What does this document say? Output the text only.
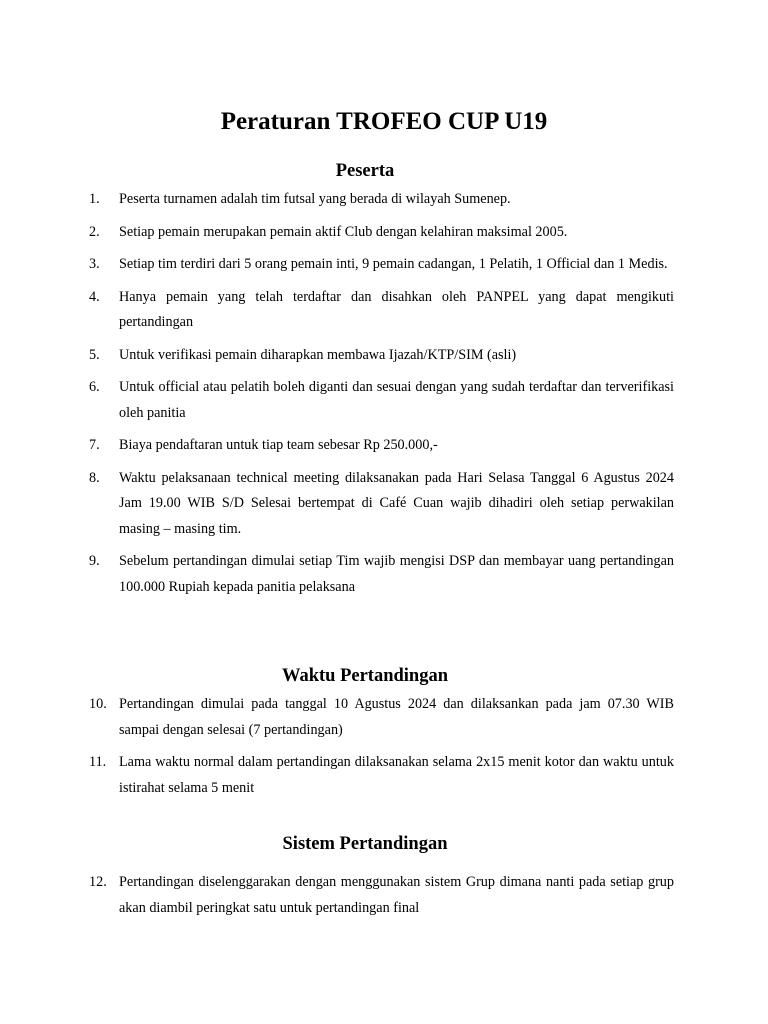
Peraturan TROFEO CUP U19
Peserta
1.	Peserta turnamen adalah tim futsal yang berada di wilayah Sumenep.
2.	Setiap pemain merupakan pemain aktif Club dengan kelahiran maksimal 2005.
3.	Setiap tim terdiri dari 5 orang pemain inti, 9 pemain cadangan, 1 Pelatih, 1 Official dan 1 Medis.
4.	Hanya pemain yang telah terdaftar dan disahkan oleh PANPEL yang dapat mengikuti pertandingan
5.	Untuk verifikasi pemain diharapkan membawa Ijazah/KTP/SIM (asli)
6.	Untuk official atau pelatih boleh diganti dan sesuai dengan yang sudah terdaftar dan terverifikasi oleh panitia
7.	Biaya pendaftaran untuk tiap team sebesar Rp 250.000,-
8.	Waktu pelaksanaan technical meeting dilaksanakan pada Hari Selasa Tanggal 6 Agustus 2024 Jam 19.00 WIB S/D Selesai bertempat di Café Cuan wajib dihadiri oleh setiap perwakilan masing – masing tim.
9.	Sebelum pertandingan dimulai setiap Tim wajib mengisi DSP dan membayar uang pertandingan 100.000 Rupiah kepada panitia pelaksana
Waktu Pertandingan
10. Pertandingan dimulai pada tanggal 10 Agustus 2024 dan dilaksankan pada jam 07.30 WIB sampai dengan selesai (7 pertandingan)
11. Lama waktu normal dalam pertandingan dilaksanakan selama 2x15 menit kotor dan waktu untuk istirahat selama 5 menit
Sistem Pertandingan
12. Pertandingan diselenggarakan dengan menggunakan sistem Grup dimana nanti pada setiap grup akan diambil peringkat satu untuk pertandingan final
